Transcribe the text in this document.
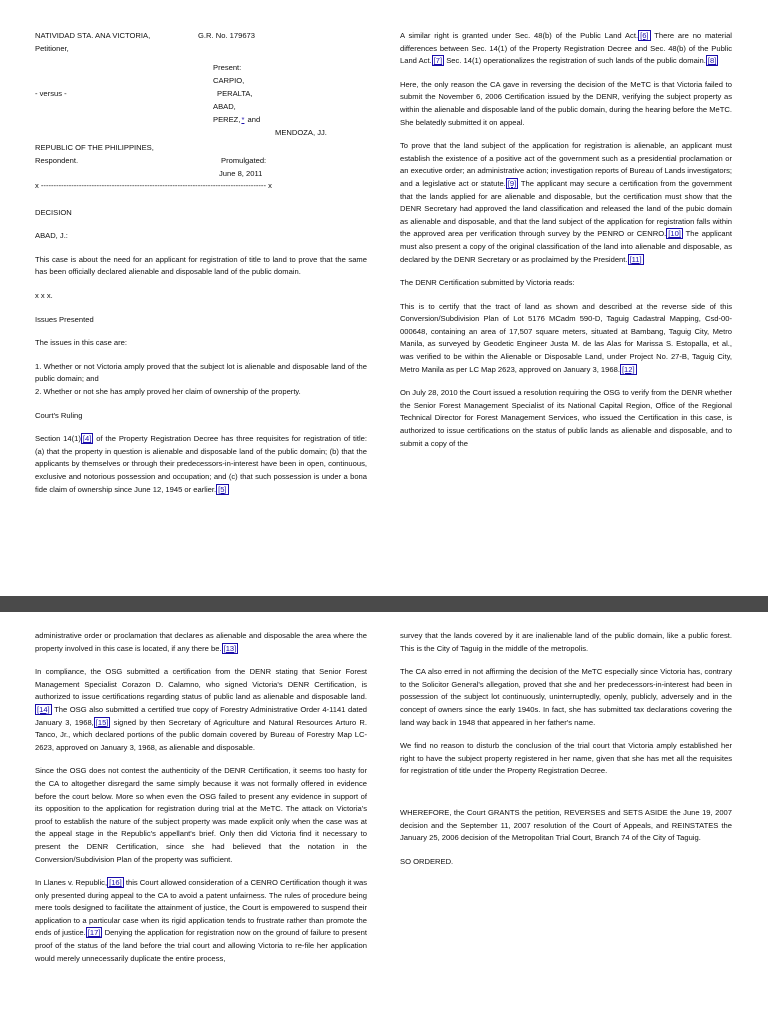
NATIVIDAD STA. ANA VICTORIA,	G.R. No. 179673
Petitioner,
Present:
CARPIO,
- versus -	PERALTA,
ABAD,
PEREZ,* and
MENDOZA, JJ.
REPUBLIC OF THE PHILIPPINES,
Respondent.	Promulgated:
June 8, 2011

x ----------------------------------------------------------------------------------------- x

DECISION

ABAD, J.:

This case is about the need for an applicant for registration of title to land to prove that the same has been officially declared alienable and disposable land of the public domain.

x x x.

Issues Presented

The issues in this case are:

1. Whether or not Victoria amply proved that the subject lot is alienable and disposable land of the public domain; and

2. Whether or not she has amply proved her claim of ownership of the property.

Court's Ruling

Section 14(1) [4] of the Property Registration Decree has three requisites for registration of title: (a) that the property in question is alienable and disposable land of the public domain; (b) that the applicants by themselves or through their predecessors-in-interest have been in open, continuous, exclusive and notorious possession and occupation; and (c) that such possession is under a bona fide claim of ownership since June 12, 1945 or earlier. [5]

A similar right is granted under Sec. 48(b) of the Public Land Act. [6] There are no material differences between Sec. 14(1) of the Property Registration Decree and Sec. 48(b) of the Public Land Act. [7] Sec. 14(1) operationalizes the registration of such lands of the public domain. [8]

Here, the only reason the CA gave in reversing the decision of the MeTC is that Victoria failed to submit the November 6, 2006 Certification issued by the DENR, verifying the subject property as within the alienable and disposable land of the public domain, during the hearing before the MeTC. She belatedly submitted it on appeal.

To prove that the land subject of the application for registration is alienable, an applicant must establish the existence of a positive act of the government such as a presidential proclamation or an executive order; an administrative action; investigation reports of Bureau of Lands investigators; and a legislative act or statute. [9] The applicant may secure a certification from the government that the lands applied for are alienable and disposable, but the certification must show that the DENR Secretary had approved the land classification and released the land of the pubic domain as alienable and disposable, and that the land subject of the application for registration falls within the approved area per verification through survey by the PENRO or CENRO. [10] The applicant must also present a copy of the original classification of the land into alienable and disposable, as declared by the DENR Secretary or as proclaimed by the President. [11]

The DENR Certification submitted by Victoria reads:

This is to certify that the tract of land as shown and described at the reverse side of this Conversion/Subdivision Plan of Lot 5176 MCadm 590-D, Taguig Cadastral Mapping, Csd-00-000648, containing an area of 17,507 square meters, situated at Bambang, Taguig City, Metro Manila, as surveyed by Geodetic Engineer Justa M. de las Alas for Marissa S. Estopalla, et al., was verified to be within the Alienable or Disposable Land, under Project No. 27-B, Taguig City, Metro Manila as per LC Map 2623, approved on January 3, 1968. [12]

On July 28, 2010 the Court issued a resolution requiring the OSG to verify from the DENR whether the Senior Forest Management Specialist of its National Capital Region, Office of the Regional Technical Director for Forest Management Services, who issued the Certification in this case, is authorized to issue certifications on the status of public lands as alienable and disposable, and to submit a copy of the

administrative order or proclamation that declares as alienable and disposable the area where the property involved in this case is located, if any there be. [13]

In compliance, the OSG submitted a certification from the DENR stating that Senior Forest Management Specialist Corazon D. Calamno, who signed Victoria's DENR Certification, is authorized to issue certifications regarding status of public land as alienable and disposable land.[14] The OSG also submitted a certified true copy of Forestry Administrative Order 4-1141 dated January 3, 1968, [15] signed by then Secretary of Agriculture and Natural Resources Arturo R. Tanco, Jr., which declared portions of the public domain covered by Bureau of Forestry Map LC-2623, approved on January 3, 1968, as alienable and disposable.

Since the OSG does not contest the authenticity of the DENR Certification, it seems too hasty for the CA to altogether disregard the same simply because it was not formally offered in evidence before the court below. More so when even the OSG failed to present any evidence in support of its opposition to the application for registration during trial at the MeTC. The attack on Victoria's proof to establish the nature of the subject property was made explicit only when the case was at the appeal stage in the Republic's appellant's brief. Only then did Victoria find it necessary to present the DENR Certification, since she had believed that the notation in the Conversion/Subdivision Plan of the property was sufficient.

In Llanes v. Republic, [16] this Court allowed consideration of a CENRO Certification though it was only presented during appeal to the CA to avoid a patent unfairness. The rules of procedure being mere tools designed to facilitate the attainment of justice, the Court is empowered to suspend their application to a particular case when its rigid application tends to frustrate rather than promote the ends of justice. [17] Denying the application for registration now on the ground of failure to present proof of the status of the land before the trial court and allowing Victoria to re-file her application would merely unnecessarily duplicate the entire process,

survey that the lands covered by it are inalienable land of the public domain, like a public forest. This is the City of Taguig in the middle of the metropolis.

The CA also erred in not affirming the decision of the MeTC especially since Victoria has, contrary to the Solicitor General's allegation, proved that she and her predecessors-in-interest had been in possession of the subject lot continuously, uninterruptedly, openly, publicly, adversely and in the concept of owners since the early 1940s. In fact, she has submitted tax declarations covering the land way back in 1948 that appeared in her father's name.

We find no reason to disturb the conclusion of the trial court that Victoria amply established her right to have the subject property registered in her name, given that she has met all the requisites for registration of title under the Property Registration Decree.

WHEREFORE, the Court GRANTS the petition, REVERSES and SETS ASIDE the June 19, 2007 decision and the September 11, 2007 resolution of the Court of Appeals, and REINSTATES the January 25, 2006 decision of the Metropolitan Trial Court, Branch 74 of the City of Taguig.

SO ORDERED.
